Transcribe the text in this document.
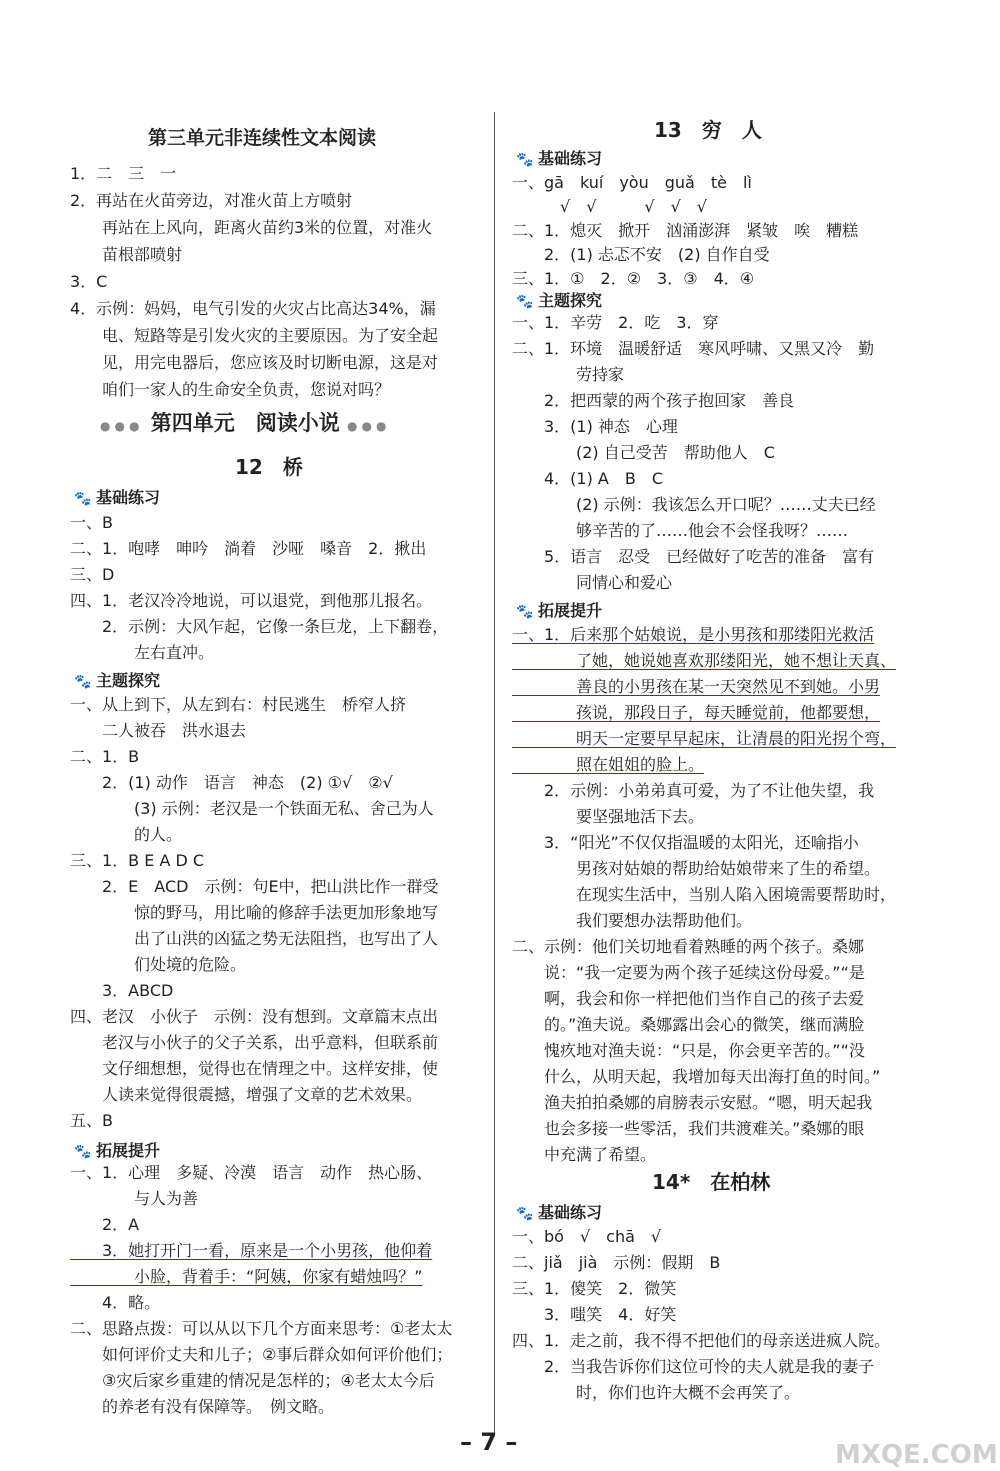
第三单元非连续性文本阅读
1．二　三　一
2．再站在火苗旁边，对准火苗上方喷射
　　再站在上风向，距离火苗约3米的位置，对准火
　　苗根部喷射
3．C
4．示例：妈妈，电气引发的火灾占比高达34%，漏
　　电、短路等是引发火灾的主要原因。为了安全起
　　见，用完电器后，您应该及时切断电源，这是对
　　咱们一家人的生命安全负责，您说对吗？
●●● 第四单元　阅读小说 ●●●
12　桥
🐾 基础练习
一、B
二、1．咆哮　呻吟　淌着　沙哑　嗓音　2．揪出
三、D
四、1．老汉冷冷地说，可以退党，到他那儿报名。
　　2．示例：大风乍起，它像一条巨龙，上下翻卷，
　　　　左右直冲。
🐾 主题探究
一、从上到下，从左到右：村民逃生　桥窄人挤
　　二人被吞　洪水退去
二、1．B
　　2．(1) 动作　语言　神态　(2) ①√　②√
　　　　(3) 示例：老汉是一个铁面无私、舍己为人
　　　　的人。
三、1．B E A D C
　　2．E　ACD　示例：句E中，把山洪比作一群受
　　　　惊的野马，用比喻的修辞手法更加形象地写
　　　　出了山洪的凶猛之势无法阻挡，也写出了人
　　　　们处境的危险。
　　3．ABCD
四、老汉　小伙子　示例：没有想到。文章篇末点出
　　老汉与小伙子的父子关系，出乎意料，但联系前
　　文仔细想想，觉得也在情理之中。这样安排，使
　　人读来觉得很震撼，增强了文章的艺术效果。
五、B
🐾 拓展提升
一、1．心理　多疑、冷漠　语言　动作　热心肠、
　　　　与人为善
　　2．A
　　3．她打开门一看，原来是一个小男孩，他仰着
　　　　小脸，背着手：“阿姨，你家有蜡烛吗？”
　　4．略。
二、思路点拨：可以从以下几个方面来思考：①老太太
　　如何评价丈夫和儿子；②事后群众如何评价他们；
　　③灾后家乡重建的情况是怎样的；④老太太今后
　　的养老有没有保障等。　例文略。
13　穷　人
🐾 基础练习
一、gā　kuí　yòu　guǎ　tè　lì
　　　√　√　　　√　√　√
二、1．熄灭　掀开　汹涌澎湃　紧皱　唉　糟糕
　　2．(1) 忐忑不安　(2) 自作自受
三、1．①　2．②　3．③　4．④
🐾 主题探究
一、1．辛劳　2．吃　3．穿
二、1．环境　温暖舒适　寒风呼啸、又黑又冷　勤
　　　　劳持家
　　2．把西蒙的两个孩子抱回家　善良
　　3．(1) 神态　心理
　　　　(2) 自己受苦　帮助他人　C
　　4．(1) A　B　C
　　　　(2) 示例：我该怎么开口呢？……丈夫已经
　　　　够辛苦的了……他会不会怪我呀？……
　　5．语言　忍受　已经做好了吃苦的准备　富有
　　　　同情心和爱心
🐾 拓展提升
一、1．后来那个姑娘说，是小男孩和那缕阳光救活
　　　　了她，她说她喜欢那缕阳光，她不想让天真、
　　　　善良的小男孩在某一天突然见不到她。小男
　　　　孩说，那段日子，每天睡觉前，他都要想，
　　　　明天一定要早早起床，让清晨的阳光拐个弯，
　　　　照在姐姐的脸上。
　　2．示例：小弟弟真可爱，为了不让他失望，我
　　　　要坚强地活下去。
　　3．“阳光”不仅仅指温暖的太阳光，还喻指小
　　　　男孩对姑娘的帮助给姑娘带来了生的希望。
　　　　在现实生活中，当别人陷入困境需要帮助时，
　　　　我们要想办法帮助他们。
二、示例：他们关切地看着熟睡的两个孩子。桑娜
　　说：“我一定要为两个孩子延续这份母爱。”“是
　　啊，我会和你一样把他们当作自己的孩子去爱
　　的。”渔夫说。桑娜露出会心的微笑，继而满脸
　　愧疚地对渔夫说：“只是，你会更辛苦的。”“没
　　什么，从明天起，我增加每天出海打鱼的时间。”
　　渔夫拍拍桑娜的肩膀表示安慰。“嗯，明天起我
　　也会多接一些零活，我们共渡难关。”桑娜的眼
　　中充满了希望。
14*　在柏林
🐾 基础练习
一、bó　√　chā　√
二、jiǎ　jià　示例：假期　B
三、1．傻笑　2．微笑
　　3．嗤笑　4．好笑
四、1．走之前，我不得不把他们的母亲送进疯人院。
　　2．当我告诉你们这位可怜的夫人就是我的妻子
　　　　时，你们也许大概不会再笑了。
– 7 –	MXQE.COM
